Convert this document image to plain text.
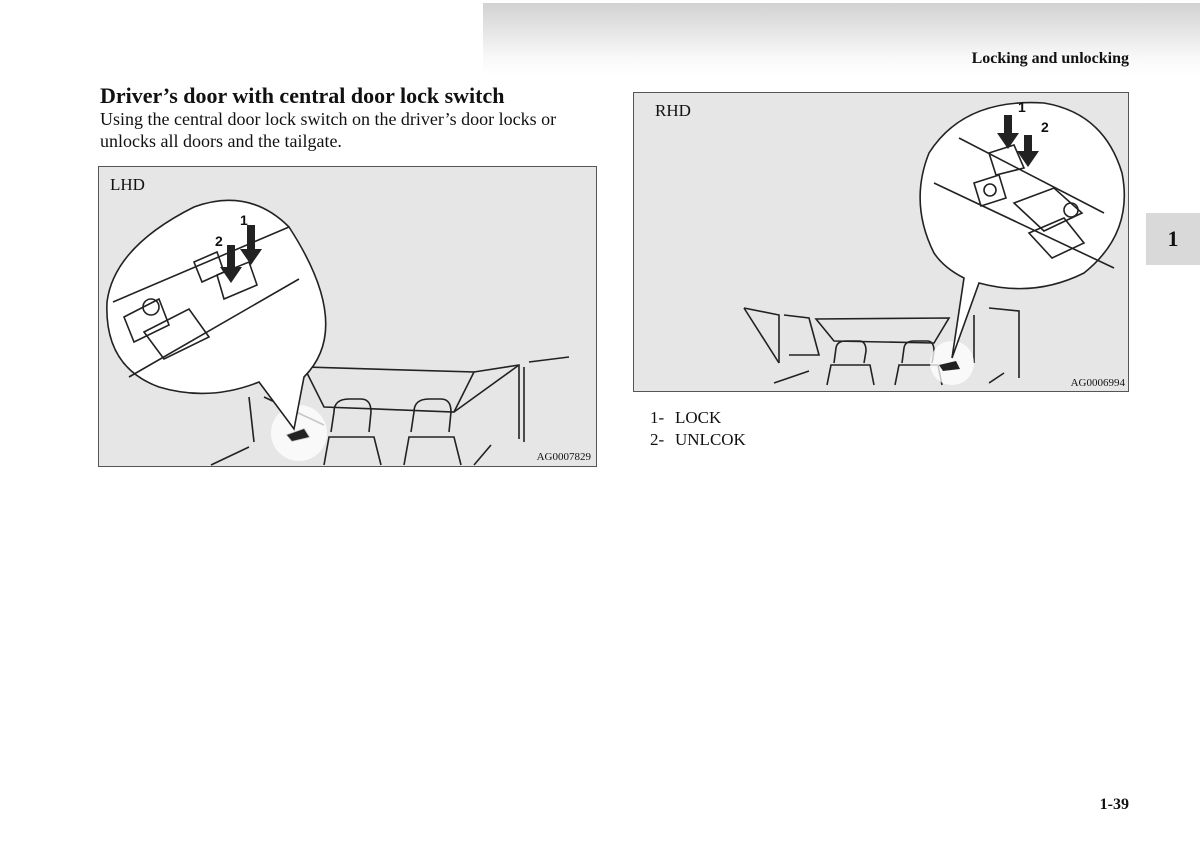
Locking and unlocking
1
Driver’s door with central door lock switch

Using the central door lock switch on the driver’s door locks or unlocks all doors and the tailgate.

LHD
1
2
AG0007829
RHD	1
2
AG0006994
1- LOCK
2- UNLCOK
1-39
